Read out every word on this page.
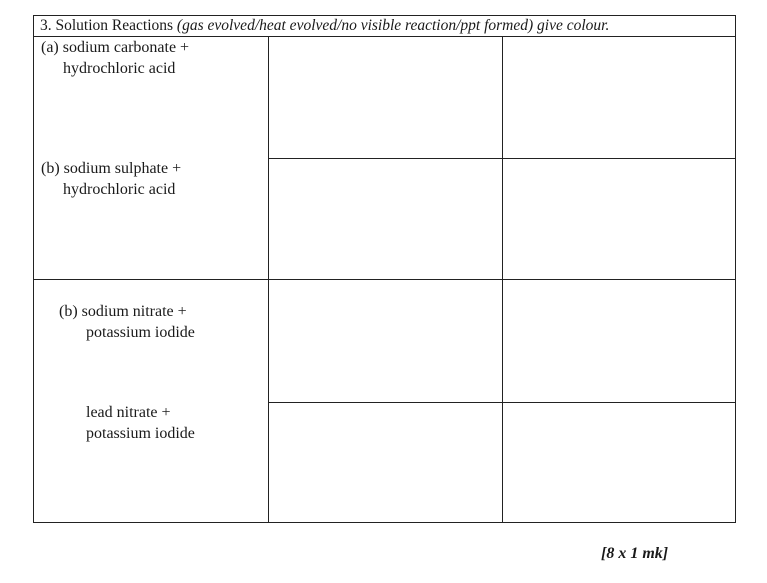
3. Solution Reactions (gas evolved/heat evolved/no visible reaction/ppt formed) give colour.
(a) sodium carbonate +
hydrochloric acid
(b) sodium sulphate +
hydrochloric acid
(b) sodium nitrate +
potassium iodide
lead nitrate +
potassium iodide
[8 x 1 mk]
